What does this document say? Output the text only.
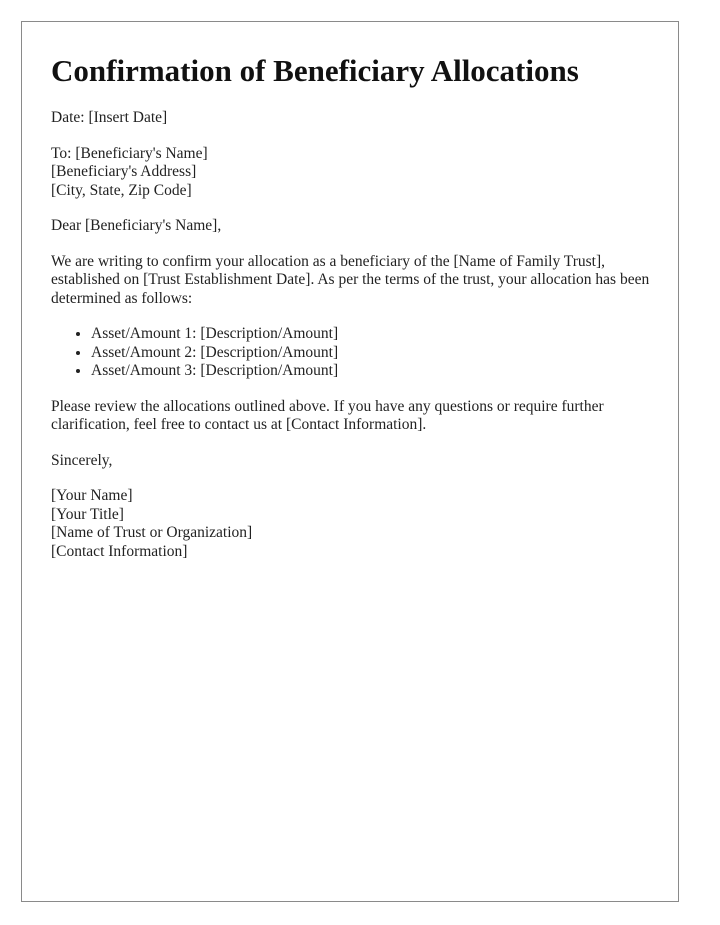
Confirmation of Beneficiary Allocations

Date: [Insert Date]

To: [Beneficiary's Name]
[Beneficiary's Address]
[City, State, Zip Code]

Dear [Beneficiary's Name],

We are writing to confirm your allocation as a beneficiary of the [Name of Family Trust], established on [Trust Establishment Date]. As per the terms of the trust, your allocation has been determined as follows:

• Asset/Amount 1: [Description/Amount]
• Asset/Amount 2: [Description/Amount]
• Asset/Amount 3: [Description/Amount]

Please review the allocations outlined above. If you have any questions or require further clarification, feel free to contact us at [Contact Information].

Sincerely,

[Your Name]
[Your Title]
[Name of Trust or Organization]
[Contact Information]
